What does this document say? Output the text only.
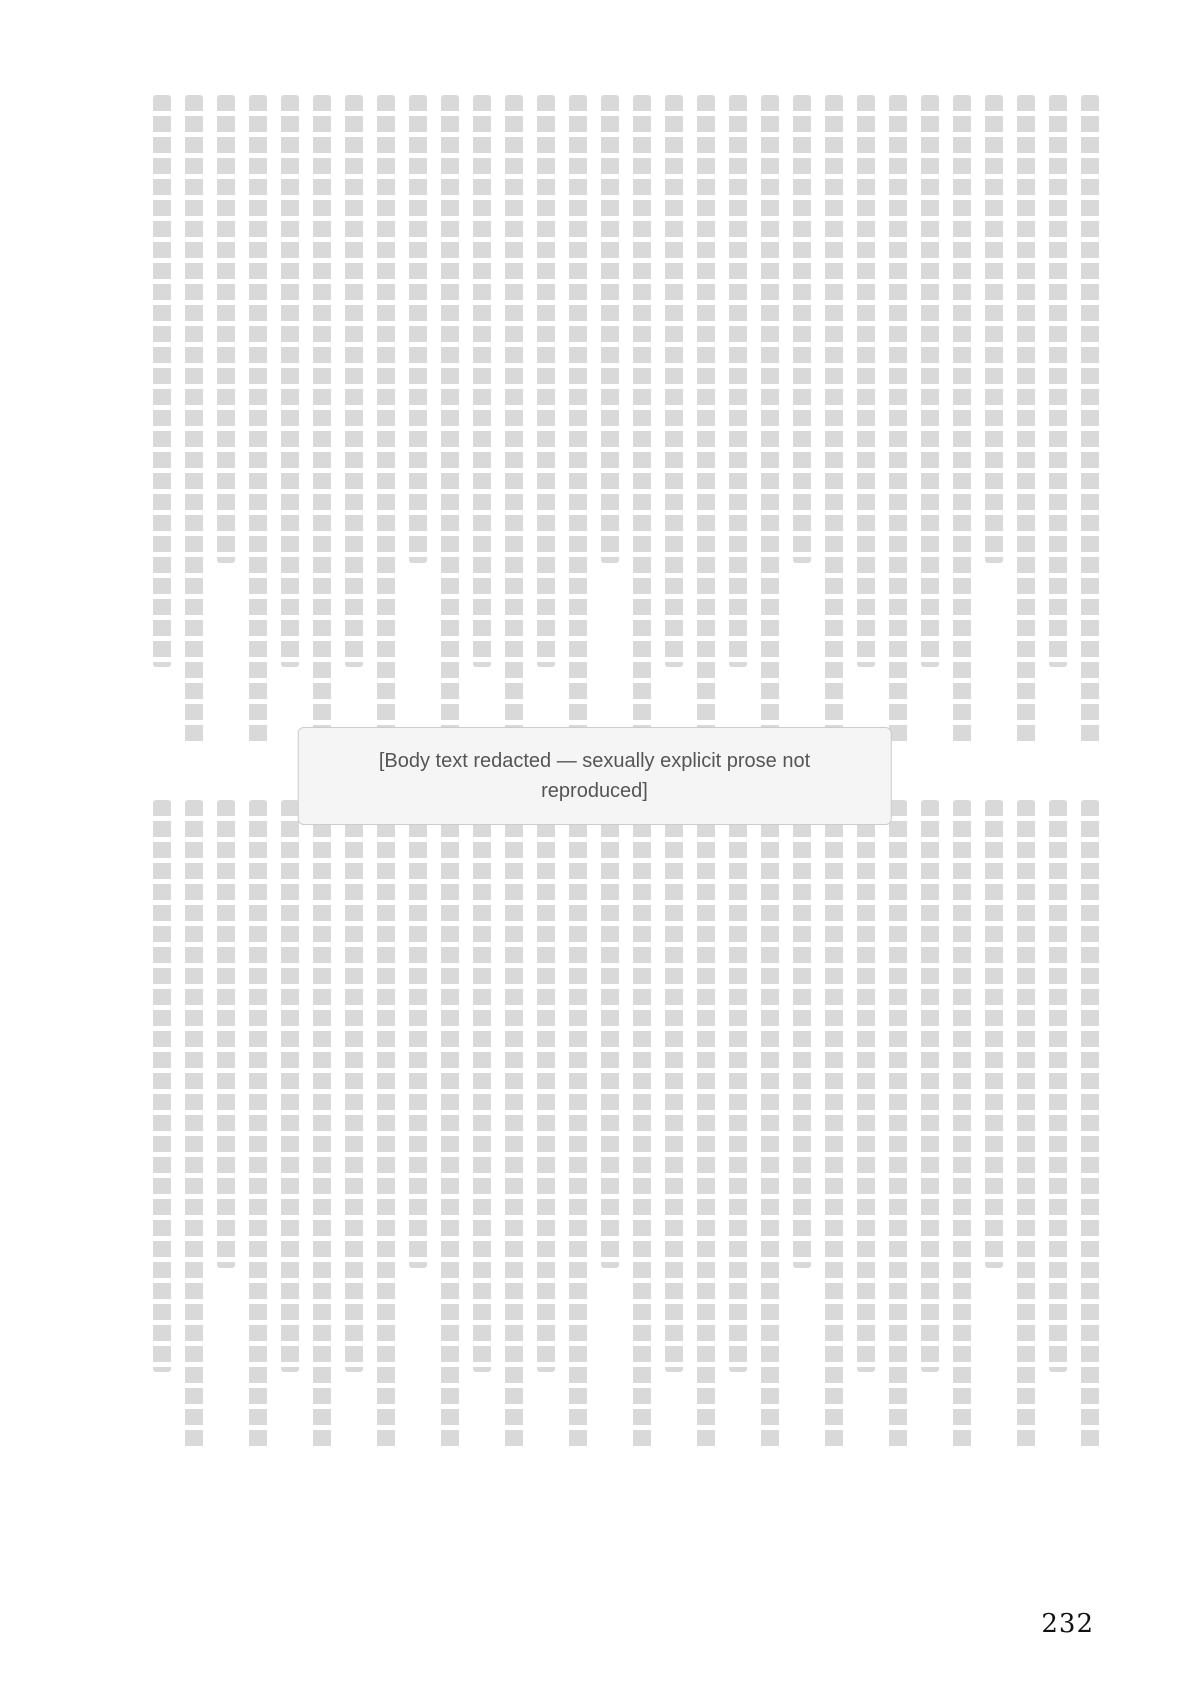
[Body text redacted — sexually explicit prose not reproduced]
232
